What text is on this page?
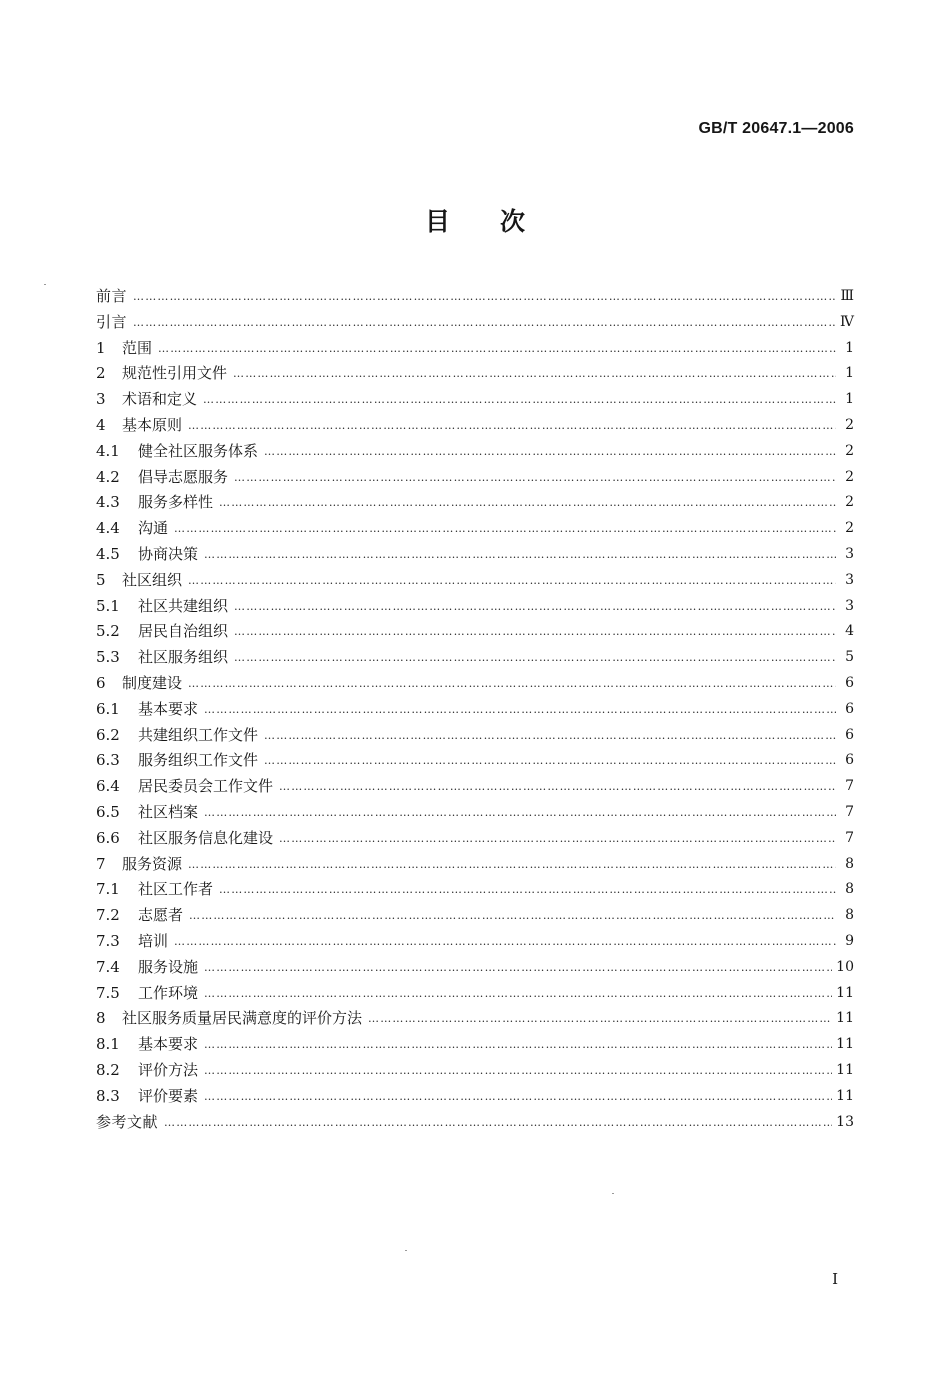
GB/T 20647.1—2006
目　　次
前言 ……………………………………………………………………………………………………………………………………………………………………………………………………………………………………………	Ⅲ
引言 ……………………………………………………………………………………………………………………………………………………………………………………………………………………………………………	Ⅳ
1	范围 ……………………………………………………………………………………………………………………………………………………………………………………………………………………………………………	1
2	规范性引用文件 ……………………………………………………………………………………………………………………………………………………………………………………………………………………………………………	1
3	术语和定义 ……………………………………………………………………………………………………………………………………………………………………………………………………………………………………………	1
4	基本原则 ……………………………………………………………………………………………………………………………………………………………………………………………………………………………………………	2
4.1	健全社区服务体系 ……………………………………………………………………………………………………………………………………………………………………………………………………………………………………………	2
4.2	倡导志愿服务 ……………………………………………………………………………………………………………………………………………………………………………………………………………………………………………	2
4.3	服务多样性 ……………………………………………………………………………………………………………………………………………………………………………………………………………………………………………	2
4.4	沟通 ……………………………………………………………………………………………………………………………………………………………………………………………………………………………………………	2
4.5	协商决策 ……………………………………………………………………………………………………………………………………………………………………………………………………………………………………………	3
5	社区组织 ……………………………………………………………………………………………………………………………………………………………………………………………………………………………………………	3
5.1	社区共建组织 ……………………………………………………………………………………………………………………………………………………………………………………………………………………………………………	3
5.2	居民自治组织 ……………………………………………………………………………………………………………………………………………………………………………………………………………………………………………	4
5.3	社区服务组织 ……………………………………………………………………………………………………………………………………………………………………………………………………………………………………………	5
6	制度建设 ……………………………………………………………………………………………………………………………………………………………………………………………………………………………………………	6
6.1	基本要求 ……………………………………………………………………………………………………………………………………………………………………………………………………………………………………………	6
6.2	共建组织工作文件 ……………………………………………………………………………………………………………………………………………………………………………………………………………………………………………	6
6.3	服务组织工作文件 ……………………………………………………………………………………………………………………………………………………………………………………………………………………………………………	6
6.4	居民委员会工作文件 ……………………………………………………………………………………………………………………………………………………………………………………………………………………………………………	7
6.5	社区档案 ……………………………………………………………………………………………………………………………………………………………………………………………………………………………………………	7
6.6	社区服务信息化建设 ……………………………………………………………………………………………………………………………………………………………………………………………………………………………………………	7
7	服务资源 ……………………………………………………………………………………………………………………………………………………………………………………………………………………………………………	8
7.1	社区工作者 ……………………………………………………………………………………………………………………………………………………………………………………………………………………………………………	8
7.2	志愿者 ……………………………………………………………………………………………………………………………………………………………………………………………………………………………………………	8
7.3	培训 ……………………………………………………………………………………………………………………………………………………………………………………………………………………………………………	9
7.4	服务设施 ……………………………………………………………………………………………………………………………………………………………………………………………………………………………………………	10
7.5	工作环境 ……………………………………………………………………………………………………………………………………………………………………………………………………………………………………………	11
8	社区服务质量居民满意度的评价方法 ……………………………………………………………………………………………………………………………………………………………………………………………………………………………………………	11
8.1	基本要求 ……………………………………………………………………………………………………………………………………………………………………………………………………………………………………………	11
8.2	评价方法 ……………………………………………………………………………………………………………………………………………………………………………………………………………………………………………	11
8.3	评价要素 ……………………………………………………………………………………………………………………………………………………………………………………………………………………………………………	11
参考文献 ……………………………………………………………………………………………………………………………………………………………………………………………………………………………………………	13
I
